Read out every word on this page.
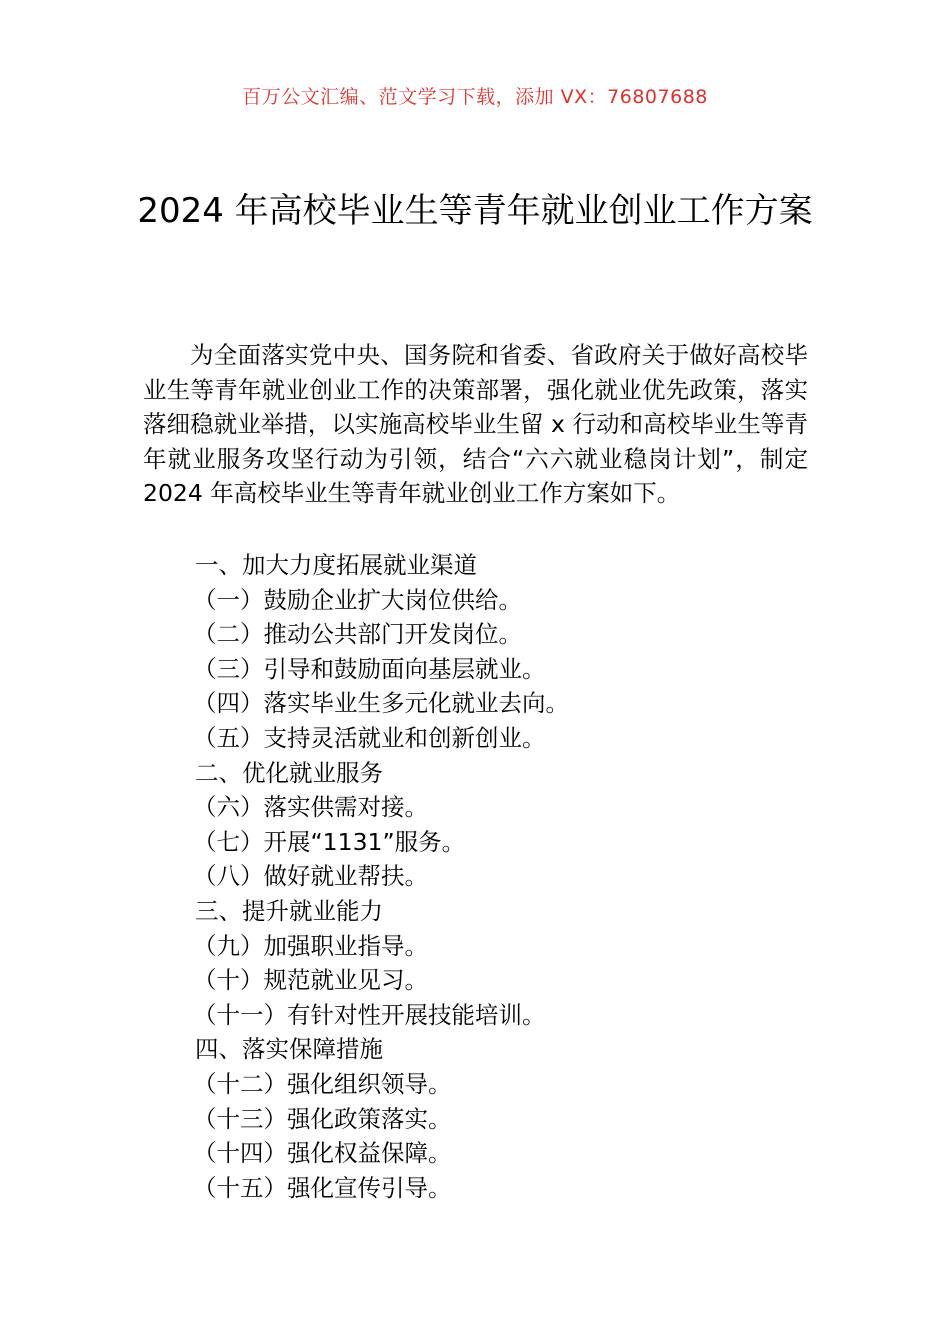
百万公文汇编、范文学习下载，添加 VX：76807688
2024 年高校毕业生等青年就业创业工作方案

为全面落实党中央、国务院和省委、省政府关于做好高校毕业生等青年就业创业工作的决策部署，强化就业优先政策，落实落细稳就业举措，以实施高校毕业生留 x 行动和高校毕业生等青年就业服务攻坚行动为引领，结合“六六就业稳岗计划”，制定 2024 年高校毕业生等青年就业创业工作方案如下。

一、加大力度拓展就业渠道
（一）鼓励企业扩大岗位供给。
（二）推动公共部门开发岗位。
（三）引导和鼓励面向基层就业。
（四）落实毕业生多元化就业去向。
（五）支持灵活就业和创新创业。
二、优化就业服务
（六）落实供需对接。
（七）开展“1131”服务。
（八）做好就业帮扶。
三、提升就业能力
（九）加强职业指导。
（十）规范就业见习。
（十一）有针对性开展技能培训。
四、落实保障措施
（十二）强化组织领导。
（十三）强化政策落实。
（十四）强化权益保障。
（十五）强化宣传引导。
